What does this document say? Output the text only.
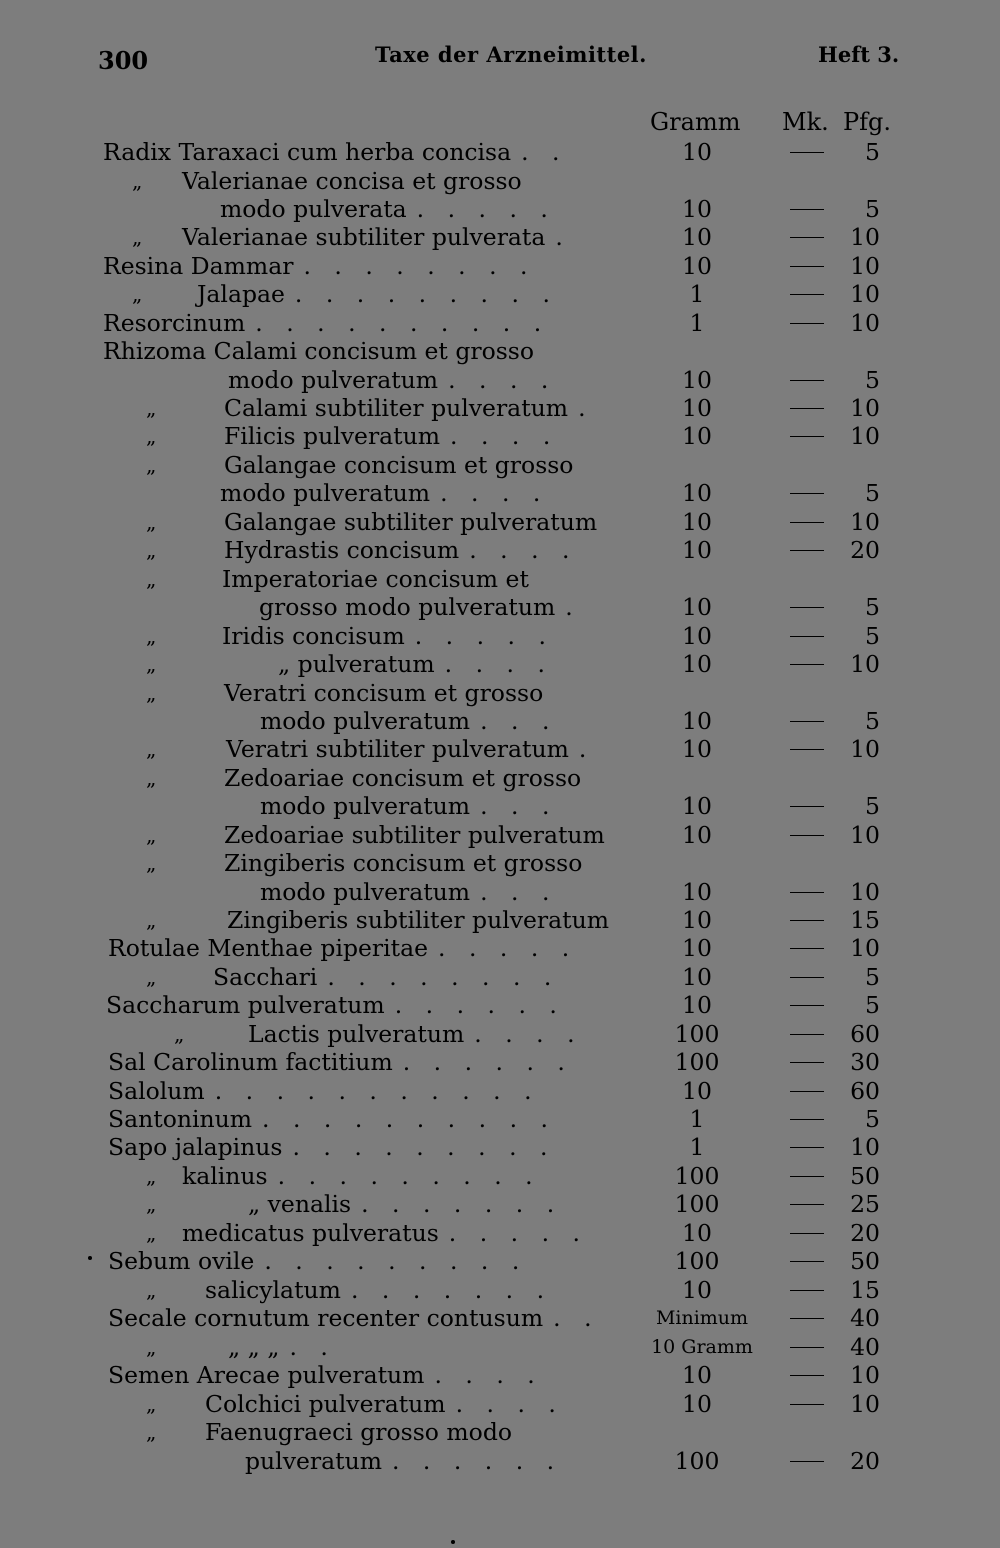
300	Taxe der Arzneimittel.	Heft 3.
Gramm Mk. Pfg.
Radix Taraxaci cum herba concisa . .	10	5
„ Valerianae concisa et grosso
modo pulverata . . . . .	10	5
„ Valerianae subtiliter pulverata .	10	10
Resina Dammar . . . . . . . .	10	10
„ Jalapae . . . . . . . . .	1	10
Resorcinum . . . . . . . . . .	1	10
Rhizoma Calami concisum et grosso
modo pulveratum . . . .	10	5
„	Calami subtiliter pulveratum .	10	10
„	Filicis pulveratum . . . .	10	10
„	Galangae concisum et grosso
modo pulveratum . . . .	10	5
„	Galangae subtiliter pulveratum	10	10
„	Hydrastis concisum . . . .	10	20
„	Imperatoriae concisum et
grosso modo pulveratum .	10	5
„	Iridis concisum . . . . .	10	5
„	„ pulveratum . . . .	10	10
„	Veratri concisum et grosso
modo pulveratum . . .	10	5
„	Veratri subtiliter pulveratum .	10	10
„	Zedoariae concisum et grosso
modo pulveratum . . .	10	5
„	Zedoariae subtiliter pulveratum	10	10
„	Zingiberis concisum et grosso
modo pulveratum . . .	10	10
„	Zingiberis subtiliter pulveratum	10	15
Rotulae Menthae piperitae . . . . .	10	10
„ Sacchari . . . . . . . .	10	5
Saccharum pulveratum . . . . . .	10	5
„	Lactis pulveratum . . . .	100	60
Sal Carolinum factitium . . . . . .	100	30
Salolum . . . . . . . . . . .	10	60
Santoninum . . . . . . . . . .	1	5
Sapo jalapinus . . . . . . . . .	1	10
„ kalinus . . . . . . . . .	100	50
„	„ venalis . . . . . . .	100	25
„ medicatus pulveratus . . . . .	10	20
Sebum ovile . . . . . . . . .	100	50
„ salicylatum . . . . . . .	10	15
Secale cornutum recenter contusum . .	Minimum	40
„	„ „ „ . .	10 Gramm	40
Semen Arecae pulveratum . . . .	10	10
„ Colchici pulveratum . . . .	10	10
„ Faenugraeci grosso modo
pulveratum . . . . . .	100	20
